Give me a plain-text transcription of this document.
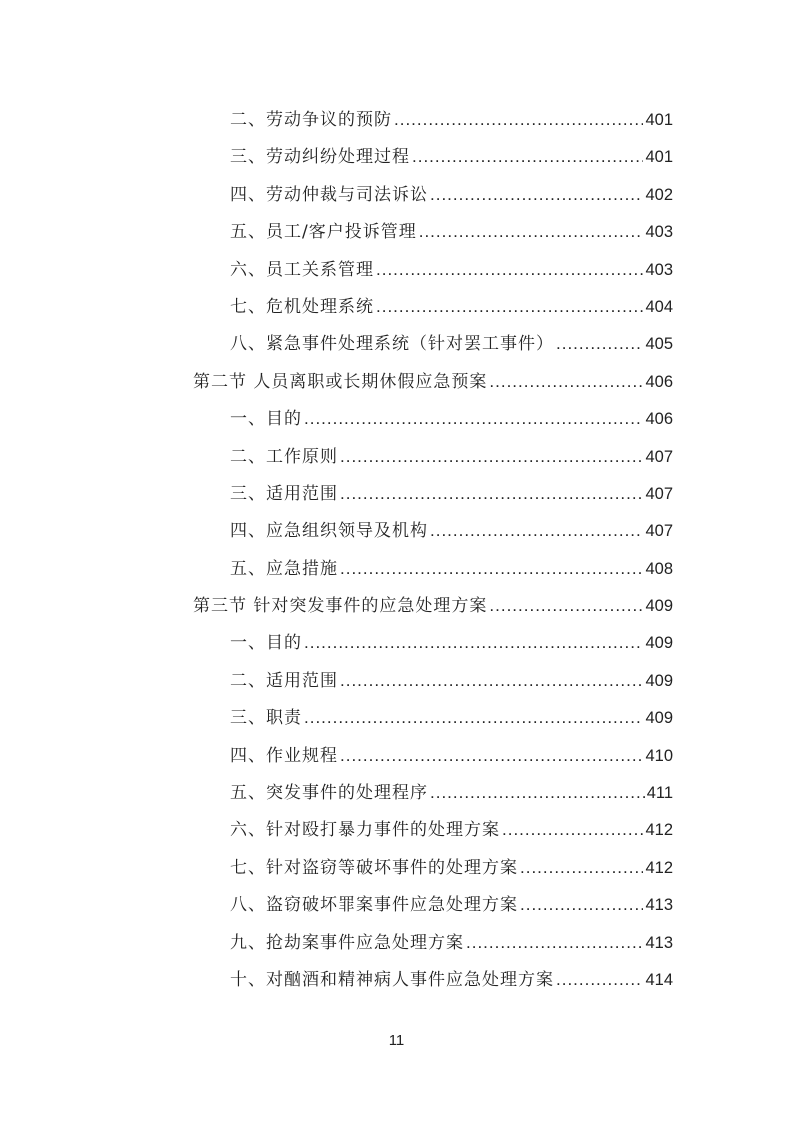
二、劳动争议的预防 .....	401
三、劳动纠纷处理过程 .....	401
四、劳动仲裁与司法诉讼 .....	402
五、员工/客户投诉管理 .....	403
六、员工关系管理 .....	403
七、危机处理系统 .....	404
八、紧急事件处理系统（针对罢工事件） .....	405
第二节 人员离职或长期休假应急预案 .....	406
一、目的 .....	406
二、工作原则 .....	407
三、适用范围 .....	407
四、应急组织领导及机构 .....	407
五、应急措施 .....	408
第三节 针对突发事件的应急处理方案 .....	409
一、目的 .....	409
二、适用范围 .....	409
三、职责 .....	409
四、作业规程 .....	410
五、突发事件的处理程序 .....	411
六、针对殴打暴力事件的处理方案 .....	412
七、针对盗窃等破坏事件的处理方案 .....	412
八、盗窃破坏罪案事件应急处理方案 .....	413
九、抢劫案事件应急处理方案 .....	413
十、对酗酒和精神病人事件应急处理方案 .....	414
11
